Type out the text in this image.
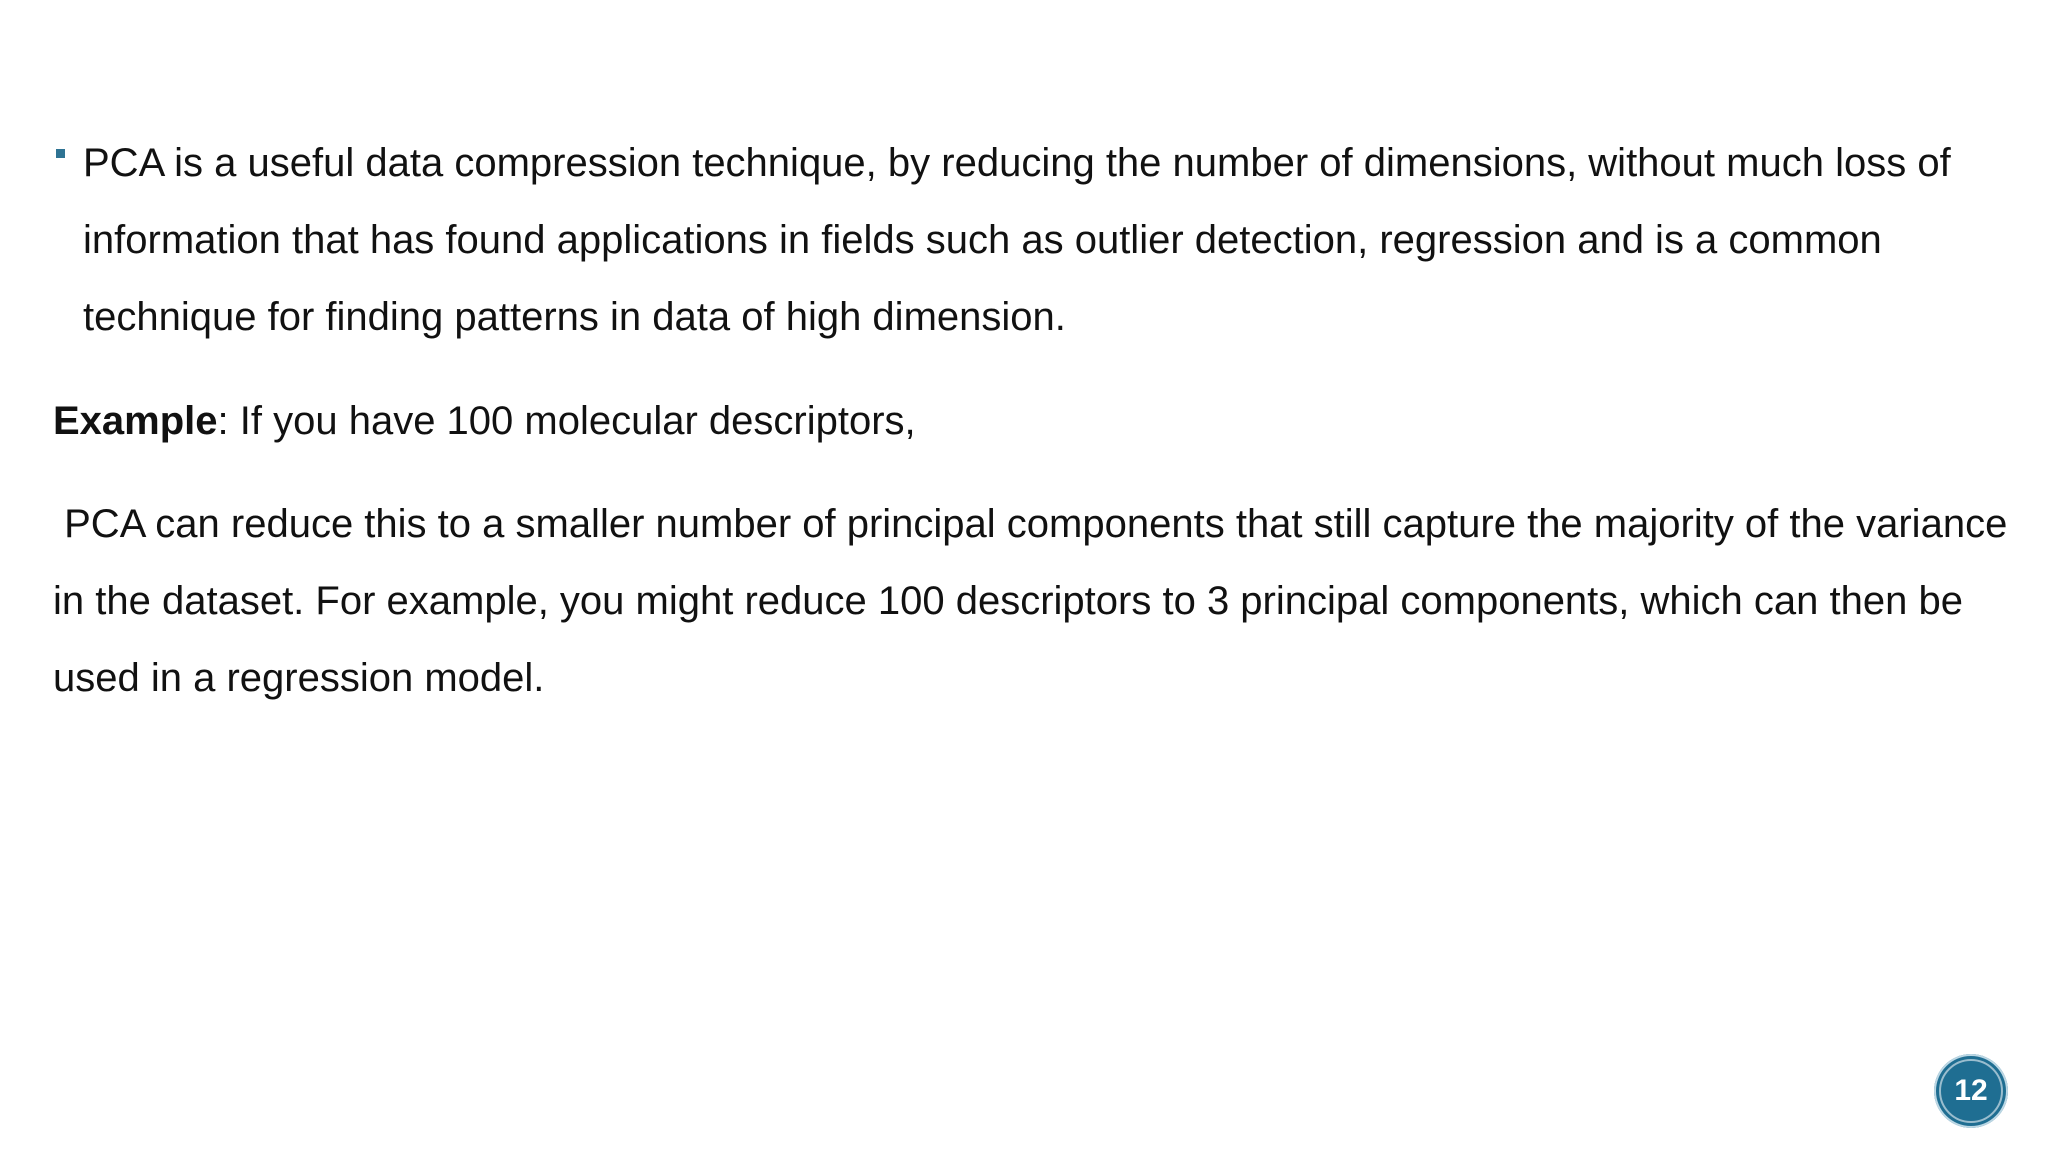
PCA is a useful data compression technique, by reducing the number of dimensions, without much loss of information that has found applications in fields such as outlier detection, regression and is a common technique for finding patterns in data of high dimension.

Example: If you have 100 molecular descriptors,

PCA can reduce this to a smaller number of principal components that still capture the majority of the variance in the dataset. For example, you might reduce 100 descriptors to 3 principal components, which can then be used in a regression model.

12
